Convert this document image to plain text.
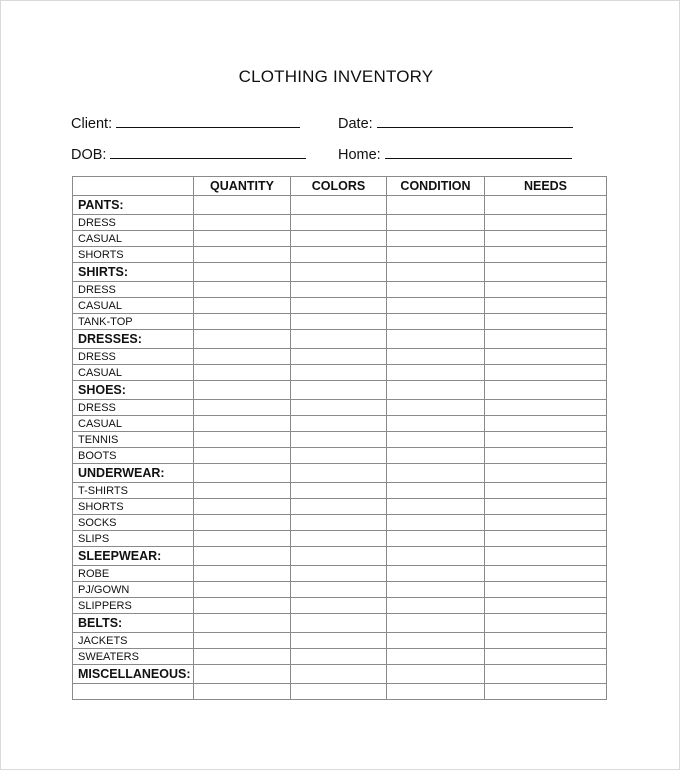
CLOTHING INVENTORY
Client:	Date:
DOB:	Home:
	QUANTITY	COLORS	CONDITION	NEEDS
PANTS:				
DRESS				
CASUAL				
SHORTS				
SHIRTS:				
DRESS				
CASUAL				
TANK-TOP				
DRESSES:				
DRESS				
CASUAL				
SHOES:				
DRESS				
CASUAL				
TENNIS				
BOOTS				
UNDERWEAR:				
T-SHIRTS				
SHORTS				
SOCKS				
SLIPS				
SLEEPWEAR:				
ROBE				
PJ/GOWN				
SLIPPERS				
BELTS:				
JACKETS				
SWEATERS				
MISCELLANEOUS:				
